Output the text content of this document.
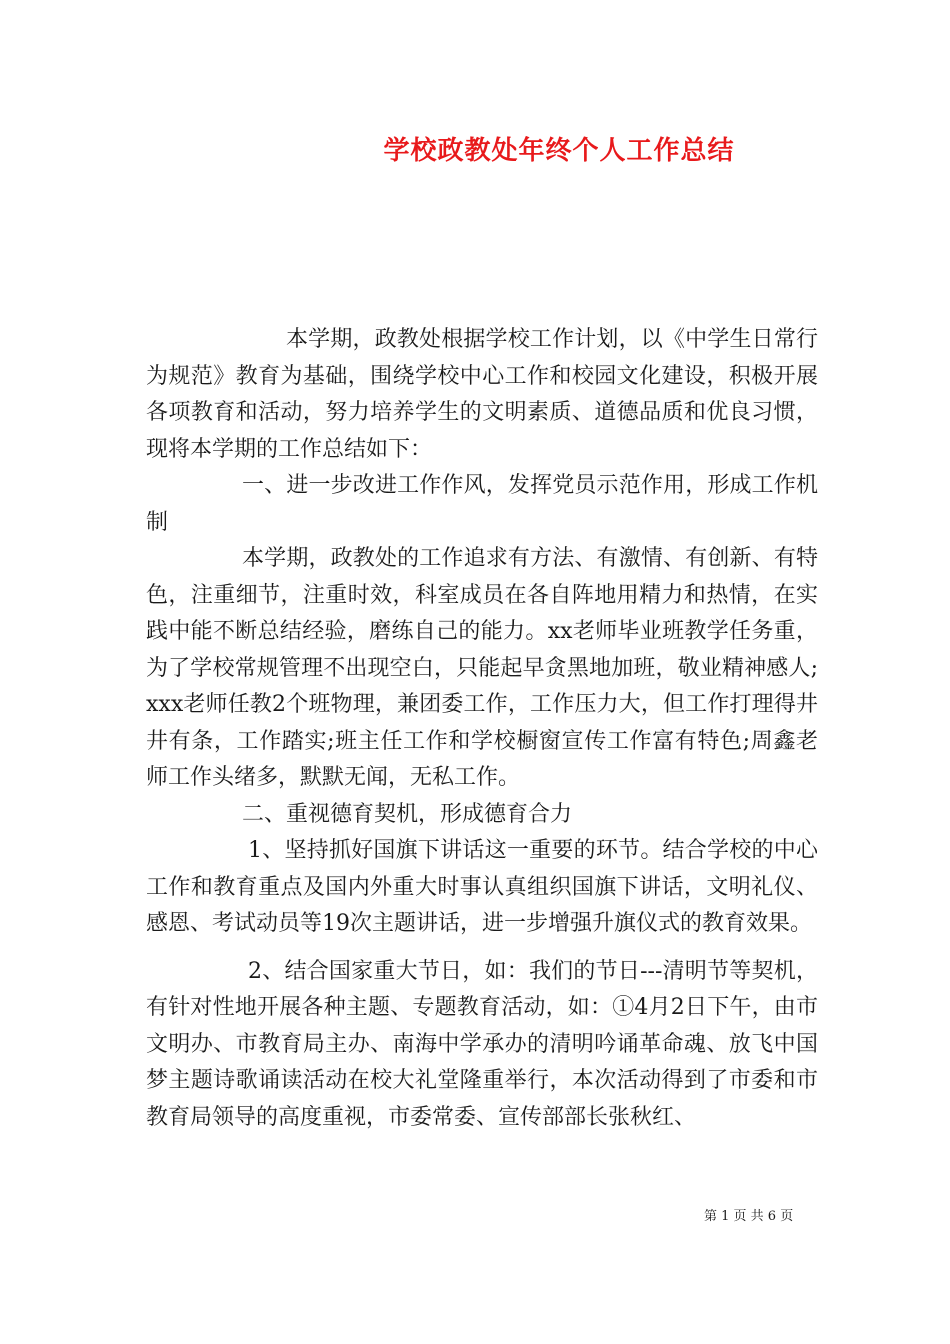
学校政教处年终个人工作总结

本学期，政教处根据学校工作计划，以《中学生日常行为规范》教育为基础，围绕学校中心工作和校园文化建设，积极开展各项教育和活动，努力培养学生的文明素质、道德品质和优良习惯，现将本学期的工作总结如下：

一、进一步改进工作作风，发挥党员示范作用，形成工作机制

本学期，政教处的工作追求有方法、有激情、有创新、有特色，注重细节，注重时效，科室成员在各自阵地用精力和热情，在实践中能不断总结经验，磨练自己的能力。xx老师毕业班教学任务重，为了学校常规管理不出现空白，只能起早贪黑地加班，敬业精神感人;xxx老师任教2个班物理，兼团委工作，工作压力大，但工作打理得井井有条，工作踏实;班主任工作和学校橱窗宣传工作富有特色;周鑫老师工作头绪多，默默无闻，无私工作。

二、重视德育契机，形成德育合力

1、坚持抓好国旗下讲话这一重要的环节。结合学校的中心工作和教育重点及国内外重大时事认真组织国旗下讲话，文明礼仪、感恩、考试动员等19次主题讲话，进一步增强升旗仪式的教育效果。

2、结合国家重大节日，如：我们的节日---清明节等契机，有针对性地开展各种主题、专题教育活动，如：①4月2日下午，由市文明办、市教育局主办、南海中学承办的清明吟诵革命魂、放飞中国梦主题诗歌诵读活动在校大礼堂隆重举行，本次活动得到了市委和市教育局领导的高度重视，市委常委、宣传部部长张秋红、

第 1 页 共 6 页
